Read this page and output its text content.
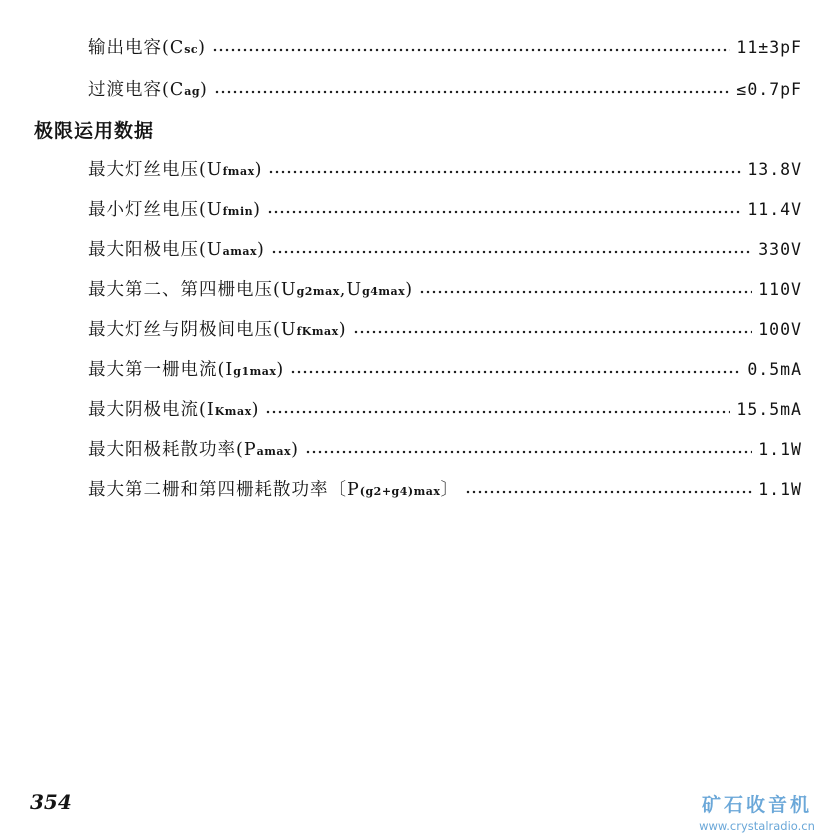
输出电容(C sc )	11±3pF
过渡电容(C ag )	≤0.7pF
极限运用数据
最大灯丝电压(U fmax )	13.8V
最小灯丝电压(U fmin )	11.4V
最大阳极电压(U amax )	330V
最大第二、第四栅电压(U g2max ,U g4max )	110V
最大灯丝与阴极间电压(U fKmax )	100V
最大第一栅电流(I g1max )	0.5mA
最大阴极电流(I Kmax )	15.5mA
最大阳极耗散功率(P amax )	1.1W
最大第二栅和第四栅耗散功率〔P (g2+g4)max 〕	1.1W
354	矿石收音机
www.crystalradio.cn
